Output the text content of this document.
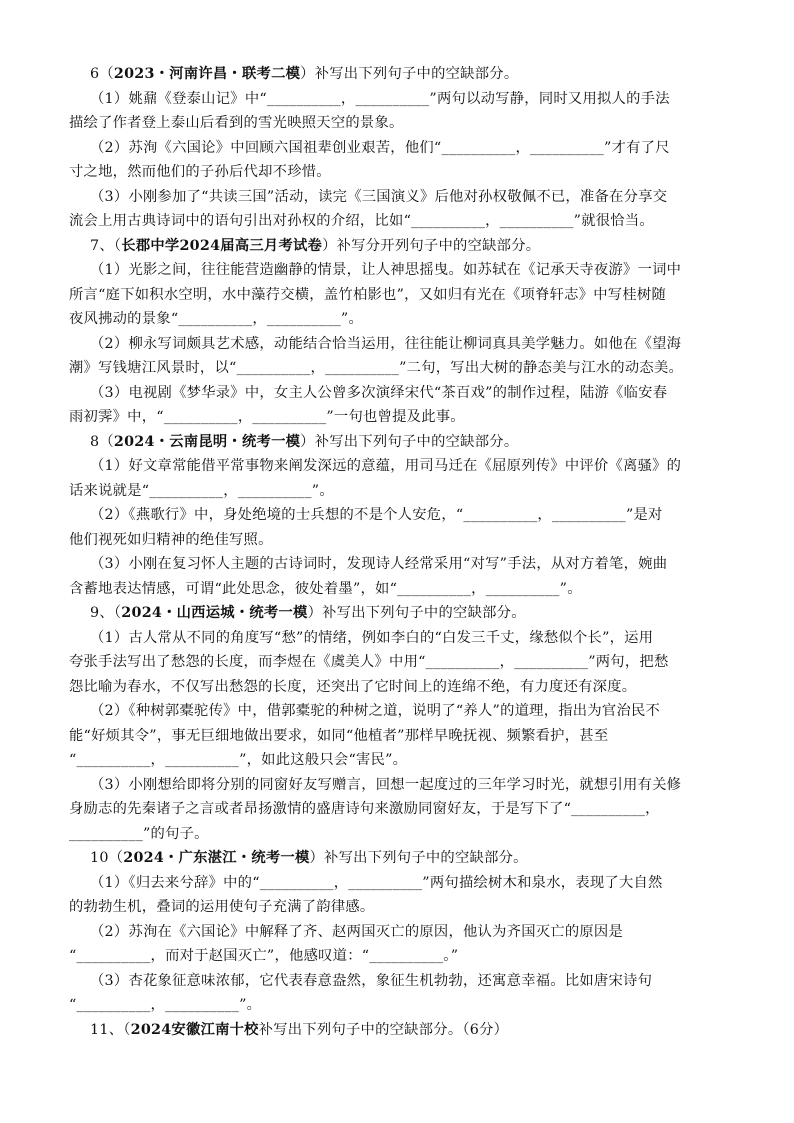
6（2023・河南许昌・联考二模）补写出下列句子中的空缺部分。
（1）姚鼐《登泰山记》中“__________，__________”两句以动写静，同时又用拟人的手法
描绘了作者登上泰山后看到的雪光映照天空的景象。
（2）苏洵《六国论》中回顾六国祖辈创业艰苦，他们“__________，__________”才有了尺
寸之地，然而他们的子孙后代却不珍惜。
（3）小刚参加了“共读三国”活动，读完《三国演义》后他对孙权敬佩不已，准备在分享交
流会上用古典诗词中的语句引出对孙权的介绍，比如“__________，__________”就很恰当。
7、（长郡中学2024届高三月考试卷）补写分开列句子中的空缺部分。
（1）光影之间，往往能营造幽静的情景，让人神思摇曳。如苏轼在《记承天寺夜游》一词中
所言“庭下如积水空明，水中藻荇交横，盖竹柏影也”，又如归有光在《项脊轩志》中写桂树随
夜风拂动的景象“__________，__________”。
（2）柳永写词颇具艺术感，动能结合恰当运用，往往能让柳词真具美学魅力。如他在《望海
潮》写钱塘江风景时，以“__________，__________”二句，写出大树的静态美与江水的动态美。
（3）电视剧《梦华录》中，女主人公曾多次演绎宋代“茶百戏”的制作过程，陆游《临安春
雨初霁》中，“__________，__________”一句也曾提及此事。
8（2024・云南昆明・统考一模）补写出下列句子中的空缺部分。
（1）好文章常能借平常事物来阐发深远的意蕴，用司马迁在《屈原列传》中评价《离骚》的
话来说就是“__________，__________”。
（2）《燕歌行》中，身处绝境的士兵想的不是个人安危，“__________，__________”是对
他们视死如归精神的绝佳写照。
（3）小刚在复习怀人主题的古诗词时，发现诗人经常采用“对写”手法，从对方着笔，婉曲
含蓄地表达情感，可谓“此处思念，彼处着墨”，如“__________，__________”。
9、（2024・山西运城・统考一模）补写出下列句子中的空缺部分。
（1）古人常从不同的角度写“愁”的情绪，例如李白的“白发三千丈，缘愁似个长”，运用
夸张手法写出了愁怨的长度，而李煜在《虞美人》中用“__________，__________”两句，把愁
怨比喻为春水，不仅写出愁怨的长度，还突出了它时间上的连绵不绝，有力度还有深度。
（2）《种树郭橐驼传》中，借郭橐驼的种树之道，说明了“养人”的道理，指出为官治民不
能“好烦其令”，事无巨细地做出要求，如同“他植者”那样早晚抚视、频繁看护，甚至
“__________，__________”，如此这般只会“害民”。
（3）小刚想给即将分别的同窗好友写赠言，回想一起度过的三年学习时光，就想引用有关修
身励志的先秦诸子之言或者昂扬激情的盛唐诗句来激励同窗好友，于是写下了“__________，
__________”的句子。
10（2024・广东湛江・统考一模）补写出下列句子中的空缺部分。
（1）《归去来兮辞》中的“__________，__________”两句描绘树木和泉水，表现了大自然
的勃勃生机，叠词的运用使句子充满了韵律感。
（2）苏洵在《六国论》中解释了齐、赵两国灭亡的原因，他认为齐国灭亡的原因是
“__________，而对于赵国灭亡”，他感叹道：“__________。”
（3）杏花象征意味浓郁，它代表春意盎然，象征生机勃勃，还寓意幸福。比如唐宋诗句
“__________，__________”。
11、（2024安徽江南十校补写出下列句子中的空缺部分。（6分）
